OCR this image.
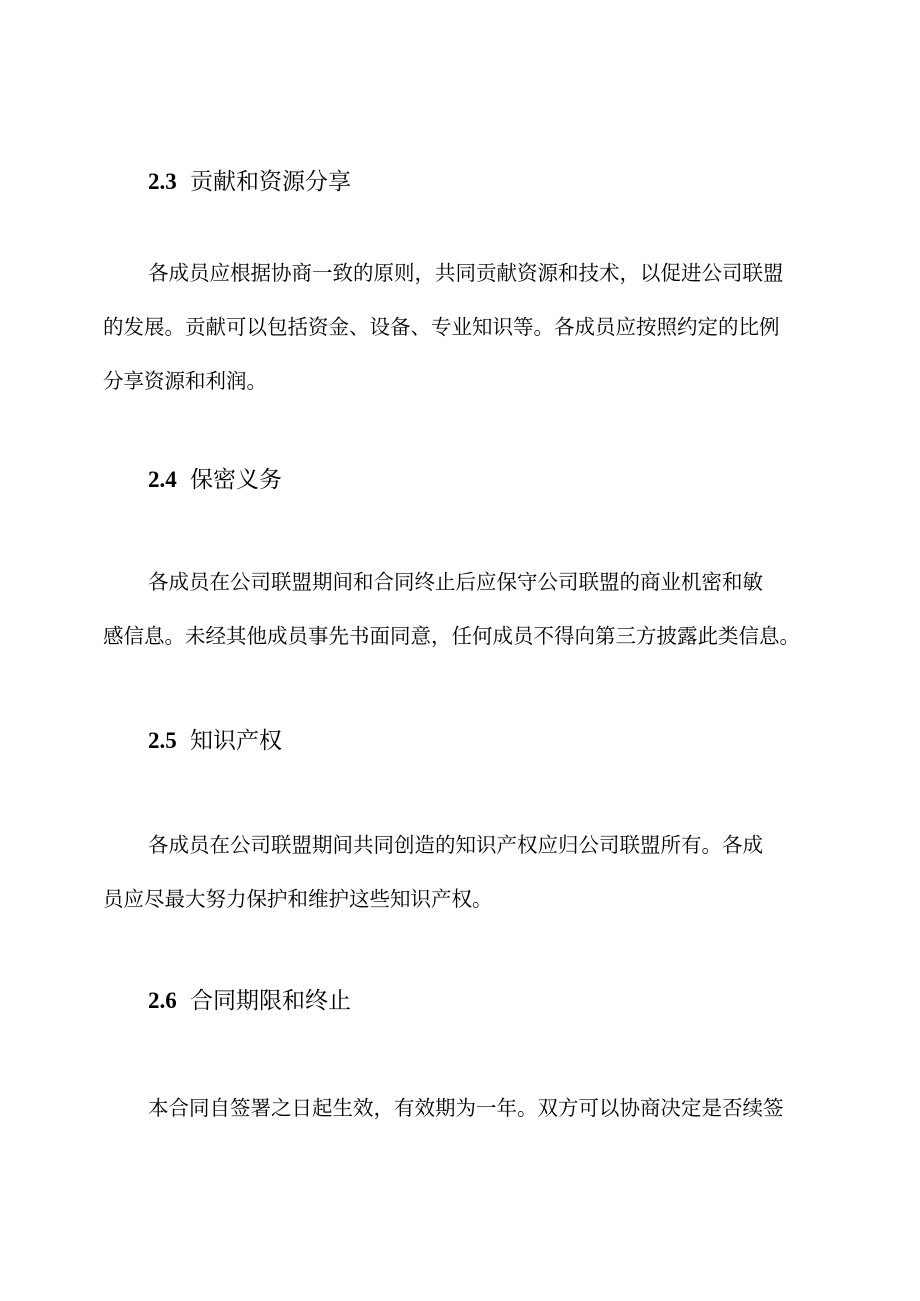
2.3 贡献和资源分享
各成员应根据协商一致的原则，共同贡献资源和技术，以促进公司联盟
的发展。贡献可以包括资金、设备、专业知识等。各成员应按照约定的比例
分享资源和利润。
2.4 保密义务
各成员在公司联盟期间和合同终止后应保守公司联盟的商业机密和敏
感信息。未经其他成员事先书面同意，任何成员不得向第三方披露此类信息。
2.5 知识产权
各成员在公司联盟期间共同创造的知识产权应归公司联盟所有。各成
员应尽最大努力保护和维护这些知识产权。
2.6 合同期限和终止
本合同自签署之日起生效，有效期为一年。双方可以协商决定是否续签
